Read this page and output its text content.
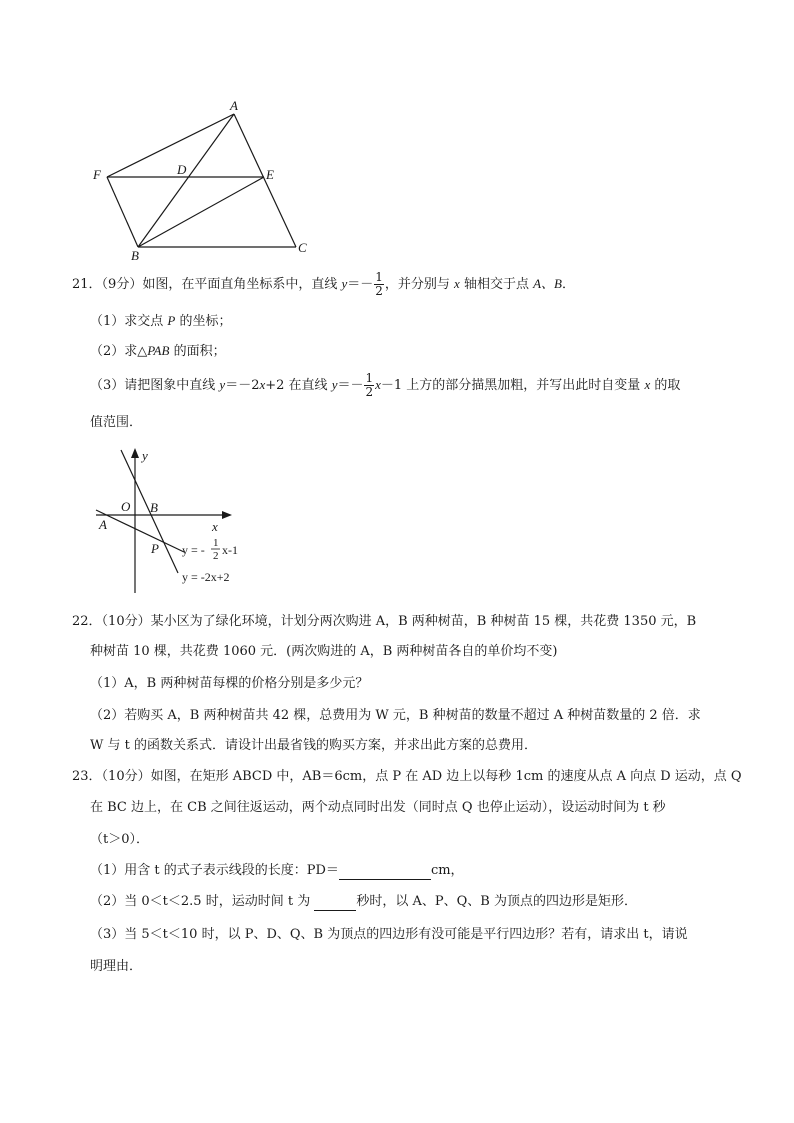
A
F	D	E
B
C
21．（9分）如图，在平面直角坐标系中，直线 $y=- \frac{1}{2}$ ，并分别与 x 轴相交于点 A、B．
（1）求交点 P 的坐标；
（2）求△PAB 的面积；
（3）请把图象中直线 y＝－2x+2 在直线 $y=- \frac{1}{2} x-1$ 上方的部分描黑加粗，并写出此时自变量 x 的取
值范围．
y
x
O B
A
P y = - 1
2 x-1
y = -2x+2
22．（10分）某小区为了绿化环境，计划分两次购进 A，B 两种树苗，B 种树苗 15 棵，共花费 1350 元，B
种树苗 10 棵，共花费 1060 元．(两次购进的 A，B 两种树苗各自的单价均不变)
（1）A，B 两种树苗每棵的价格分别是多少元？
（2）若购买 A，B 两种树苗共 42 棵，总费用为 W 元，B 种树苗的数量不超过 A 种树苗数量的 2 倍．求
W 与 t 的函数关系式．请设计出最省钱的购买方案，并求出此方案的总费用．
23．（10分）如图，在矩形 ABCD 中，AB＝6cm，点 P 在 AD 边上以每秒 1cm 的速度从点 A 向点 D 运动，点 Q
在 BC 边上，在 CB 之间往返运动，两个动点同时出发（同时点 Q 也停止运动），设运动时间为 t 秒
（t＞0）．
（1）用含 t 的式子表示线段的长度：PD＝	cm，
（2）当 0＜t＜2.5 时，运动时间 t 为	秒时，以 A、P、Q、B 为顶点的四边形是矩形．
（3）当 5＜t＜10 时，以 P、D、Q、B 为顶点的四边形有没可能是平行四边形？若有，请求出 t，请说
明理由．
